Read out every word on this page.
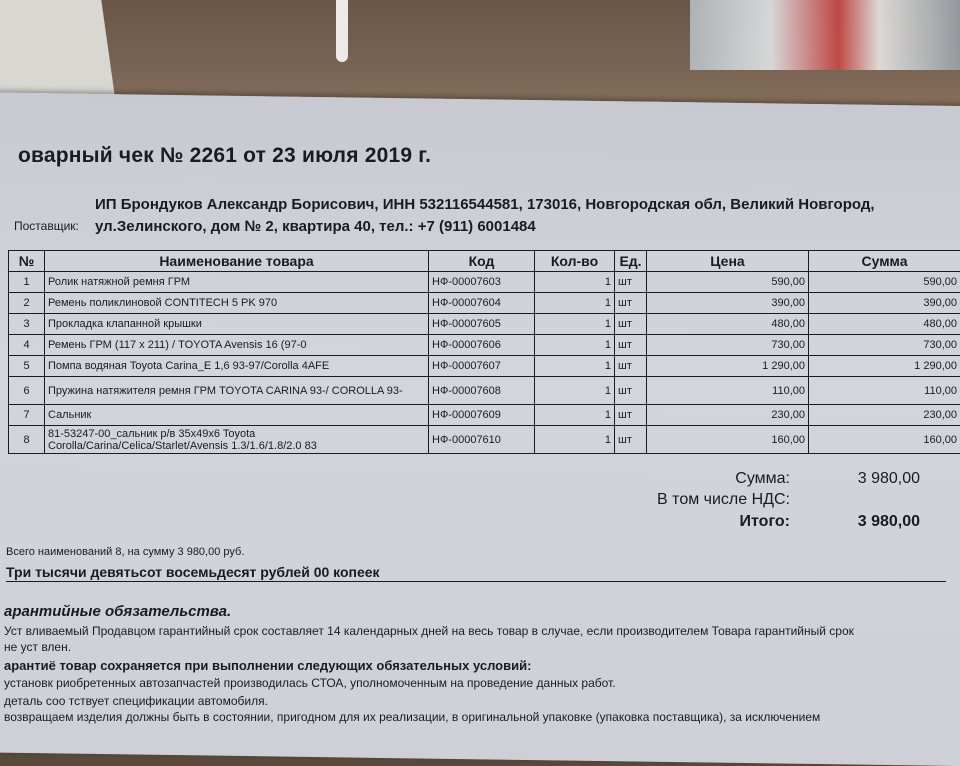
оварный чек № 2261 от 23 июля 2019 г.
Поставщик:
ИП Брондуков Александр Борисович, ИНН 532116544581, 173016, Новгородская обл, Великий Новгород,
ул.Зелинского, дом № 2, квартира 40, тел.: +7 (911) 6001484
№	Наименование товара	Код	Кол-во	Ед.	Цена	Сумма
1	Ролик натяжной ремня ГРМ	НФ-00007603	1	шт	590,00	590,00
2	Ремень поликлиновой CONTITECH 5 PK 970	НФ-00007604	1	шт	390,00	390,00
3	Прокладка клапанной крышки	НФ-00007605	1	шт	480,00	480,00
4	Ремень ГРМ (117 x 211) / TOYOTA Avensis 16 (97-0	НФ-00007606	1	шт	730,00	730,00
5	Помпа водяная Toyota Carina_E 1,6 93-97/Corolla 4AFE	НФ-00007607	1	шт	1 290,00	1 290,00
6	Пружина натяжителя ремня ГРМ TOYOTA CARINA 93-/ COROLLA 93-	НФ-00007608	1	шт	110,00	110,00
7	Сальник	НФ-00007609	1	шт	230,00	230,00
8	81-53247-00_сальник р/в 35x49x6 Toyota Corolla/Carina/Celica/Starlet/Avensis 1.3/1.6/1.8/2.0 83	НФ-00007610	1	шт	160,00	160,00
Сумма:	3 980,00
В том числе НДС:
Итого:	3 980,00
Всего наименований 8, на сумму 3 980,00 руб.
Три тысячи девятьсот восемьдесят рублей 00 копеек
арантийные обязательства.
Уст вливаемый Продавцом гарантийный срок составляет 14 календарных дней на весь товар в случае, если производителем Товара гарантийный срок
не уст влен.
арантиё товар сохраняется при выполнении следующих обязательных условий:
установк риобретенных автозапчастей производилась СТОА, уполномоченным на проведение данных работ.
деталь соо тствует спецификации автомобиля.
возвращаем изделия должны быть в состоянии, пригодном для их реализации, в оригинальной упаковке (упаковка поставщика), за исключением
